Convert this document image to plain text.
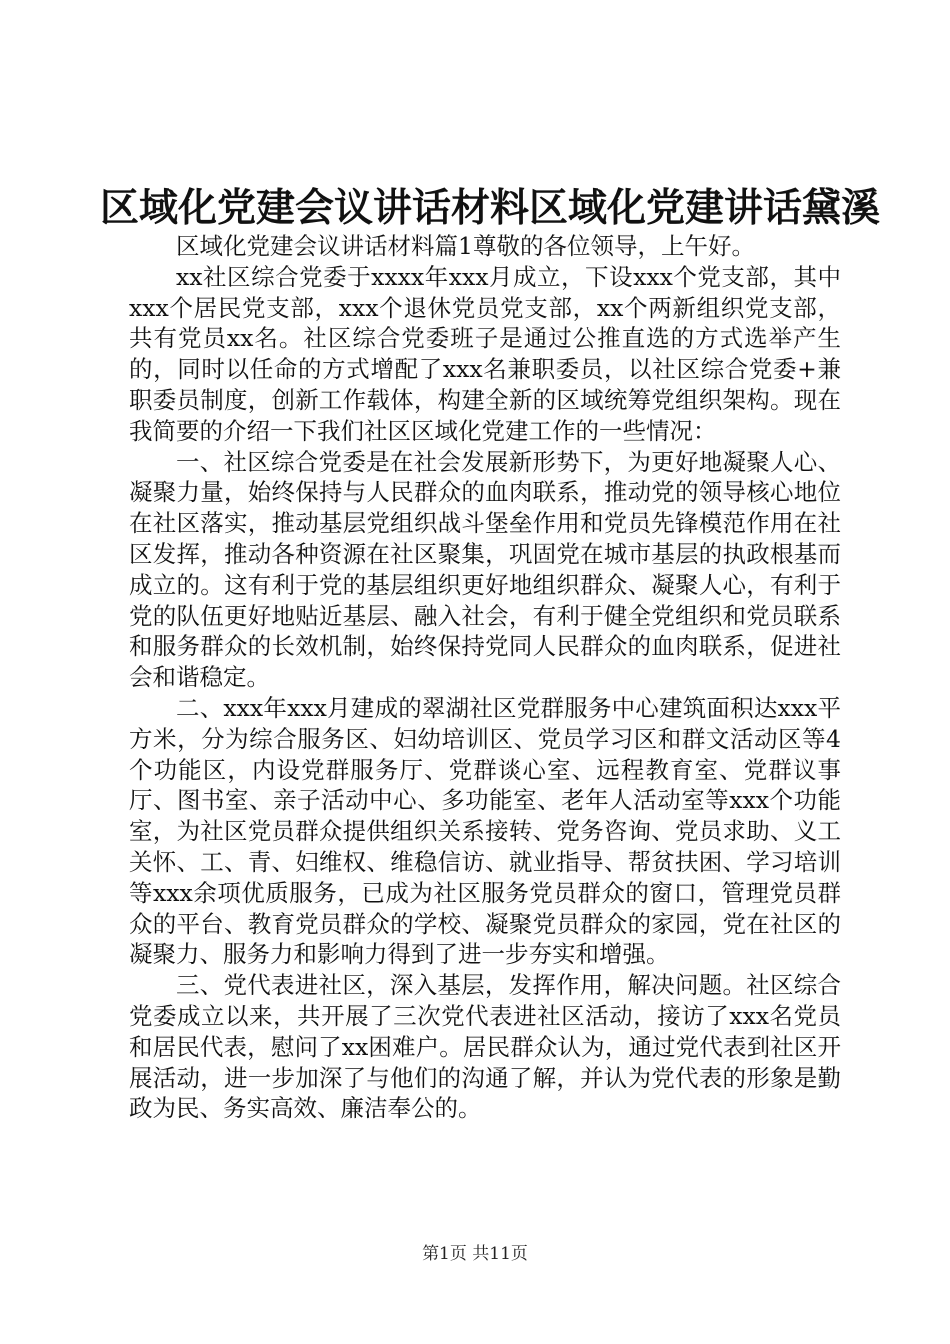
区域化党建会议讲话材料区域化党建讲话黛溪

区域化党建会议讲话材料篇1尊敬的各位领导，上午好。

xx社区综合党委于xxxx年xxx月成立，下设xxx个党支部，其中xxx个居民党支部，xxx个退休党员党支部，xx个两新组织党支部，共有党员xx名。社区综合党委班子是通过公推直选的方式选举产生的，同时以任命的方式增配了xxx名兼职委员，以社区综合党委+兼职委员制度，创新工作载体，构建全新的区域统筹党组织架构。现在我简要的介绍一下我们社区区域化党建工作的一些情况：

一、社区综合党委是在社会发展新形势下，为更好地凝聚人心、凝聚力量，始终保持与人民群众的血肉联系，推动党的领导核心地位在社区落实，推动基层党组织战斗堡垒作用和党员先锋模范作用在社区发挥，推动各种资源在社区聚集，巩固党在城市基层的执政根基而成立的。这有利于党的基层组织更好地组织群众、凝聚人心，有利于党的队伍更好地贴近基层、融入社会，有利于健全党组织和党员联系和服务群众的长效机制，始终保持党同人民群众的血肉联系，促进社会和谐稳定。

二、xxx年xxx月建成的翠湖社区党群服务中心建筑面积达xxx平方米，分为综合服务区、妇幼培训区、党员学习区和群文活动区等4个功能区，内设党群服务厅、党群谈心室、远程教育室、党群议事厅、图书室、亲子活动中心、多功能室、老年人活动室等xxx个功能室，为社区党员群众提供组织关系接转、党务咨询、党员求助、义工关怀、工、青、妇维权、维稳信访、就业指导、帮贫扶困、学习培训等xxx余项优质服务，已成为社区服务党员群众的窗口，管理党员群众的平台、教育党员群众的学校、凝聚党员群众的家园，党在社区的凝聚力、服务力和影响力得到了进一步夯实和增强。

三、党代表进社区，深入基层，发挥作用，解决问题。社区综合党委成立以来，共开展了三次党代表进社区活动，接访了xxx名党员和居民代表，慰问了xx困难户。居民群众认为，通过党代表到社区开展活动，进一步加深了与他们的沟通了解，并认为党代表的形象是勤政为民、务实高效、廉洁奉公的。

第1页 共11页
